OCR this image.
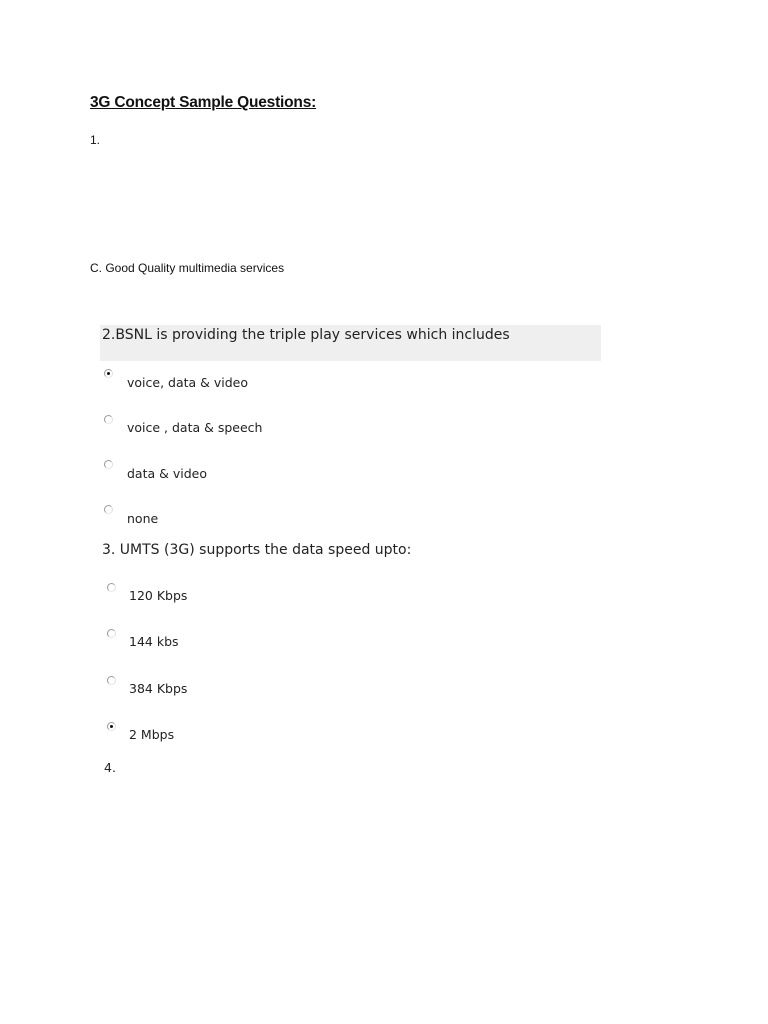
3G Concept Sample Questions:
1.
C. Good Quality multimedia services
2.BSNL is providing the triple play services which includes
voice, data & video
voice , data & speech
data & video
none
3. UMTS (3G) supports the data speed upto:
120 Kbps
144 kbs
384 Kbps
2 Mbps
4.
